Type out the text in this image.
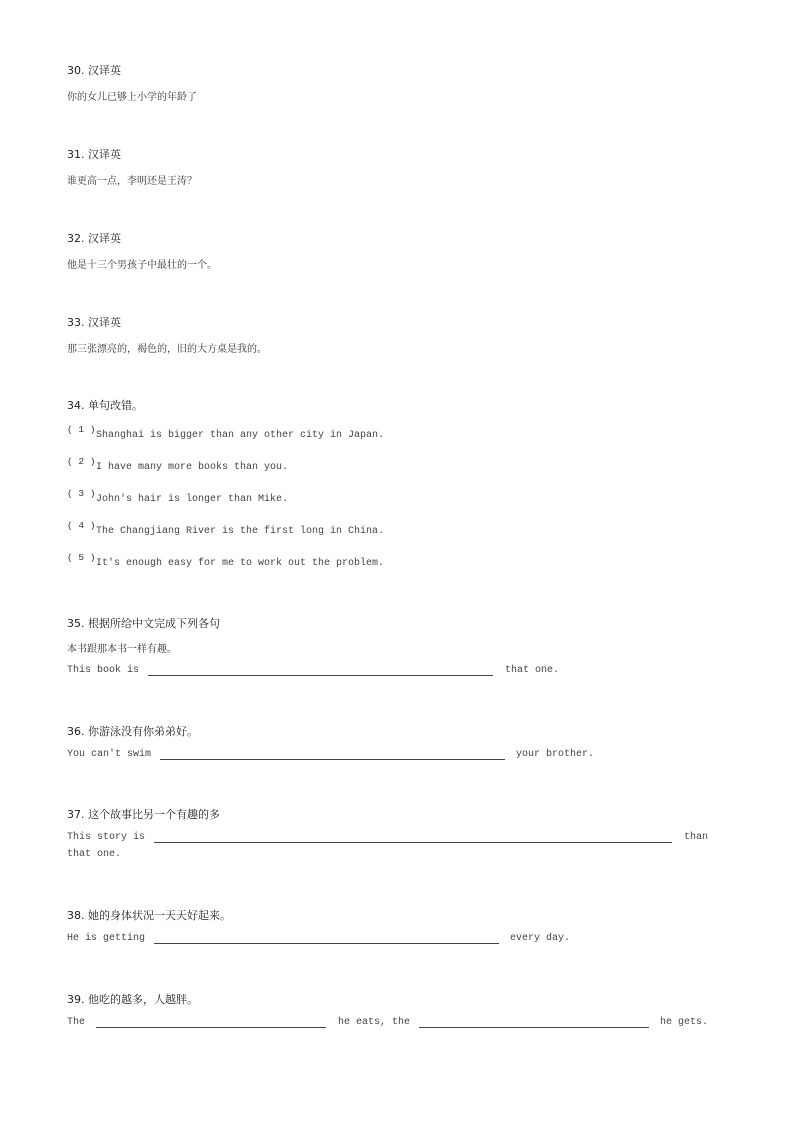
30. 汉译英
你的女儿已够上小学的年龄了
31. 汉译英
谁更高一点，李明还是王涛？
32. 汉译英
他是十三个男孩子中最壮的一个。
33. 汉译英
那三张漂亮的，褐色的，旧的大方桌是我的。
34. 单句改错。
( 1 )
Shanghai is bigger than any other city in Japan.
( 2 )
I have many more books than you.
( 3 )
John's hair is longer than Mike.
( 4 )
The Changjiang River is the first long in China.
( 5 )
It's enough easy for me to work out the problem.
35. 根据所给中文完成下列各句
本书跟那本书一样有趣。
This book is	that one.
36. 你游泳没有你弟弟好。
You can't swim	your brother.
37. 这个故事比另一个有趣的多
This story is	than
that one.
38. 她的身体状况一天天好起来。
He is getting	every day.
39. 他吃的越多，人越胖。
The	he eats, the	he gets.
